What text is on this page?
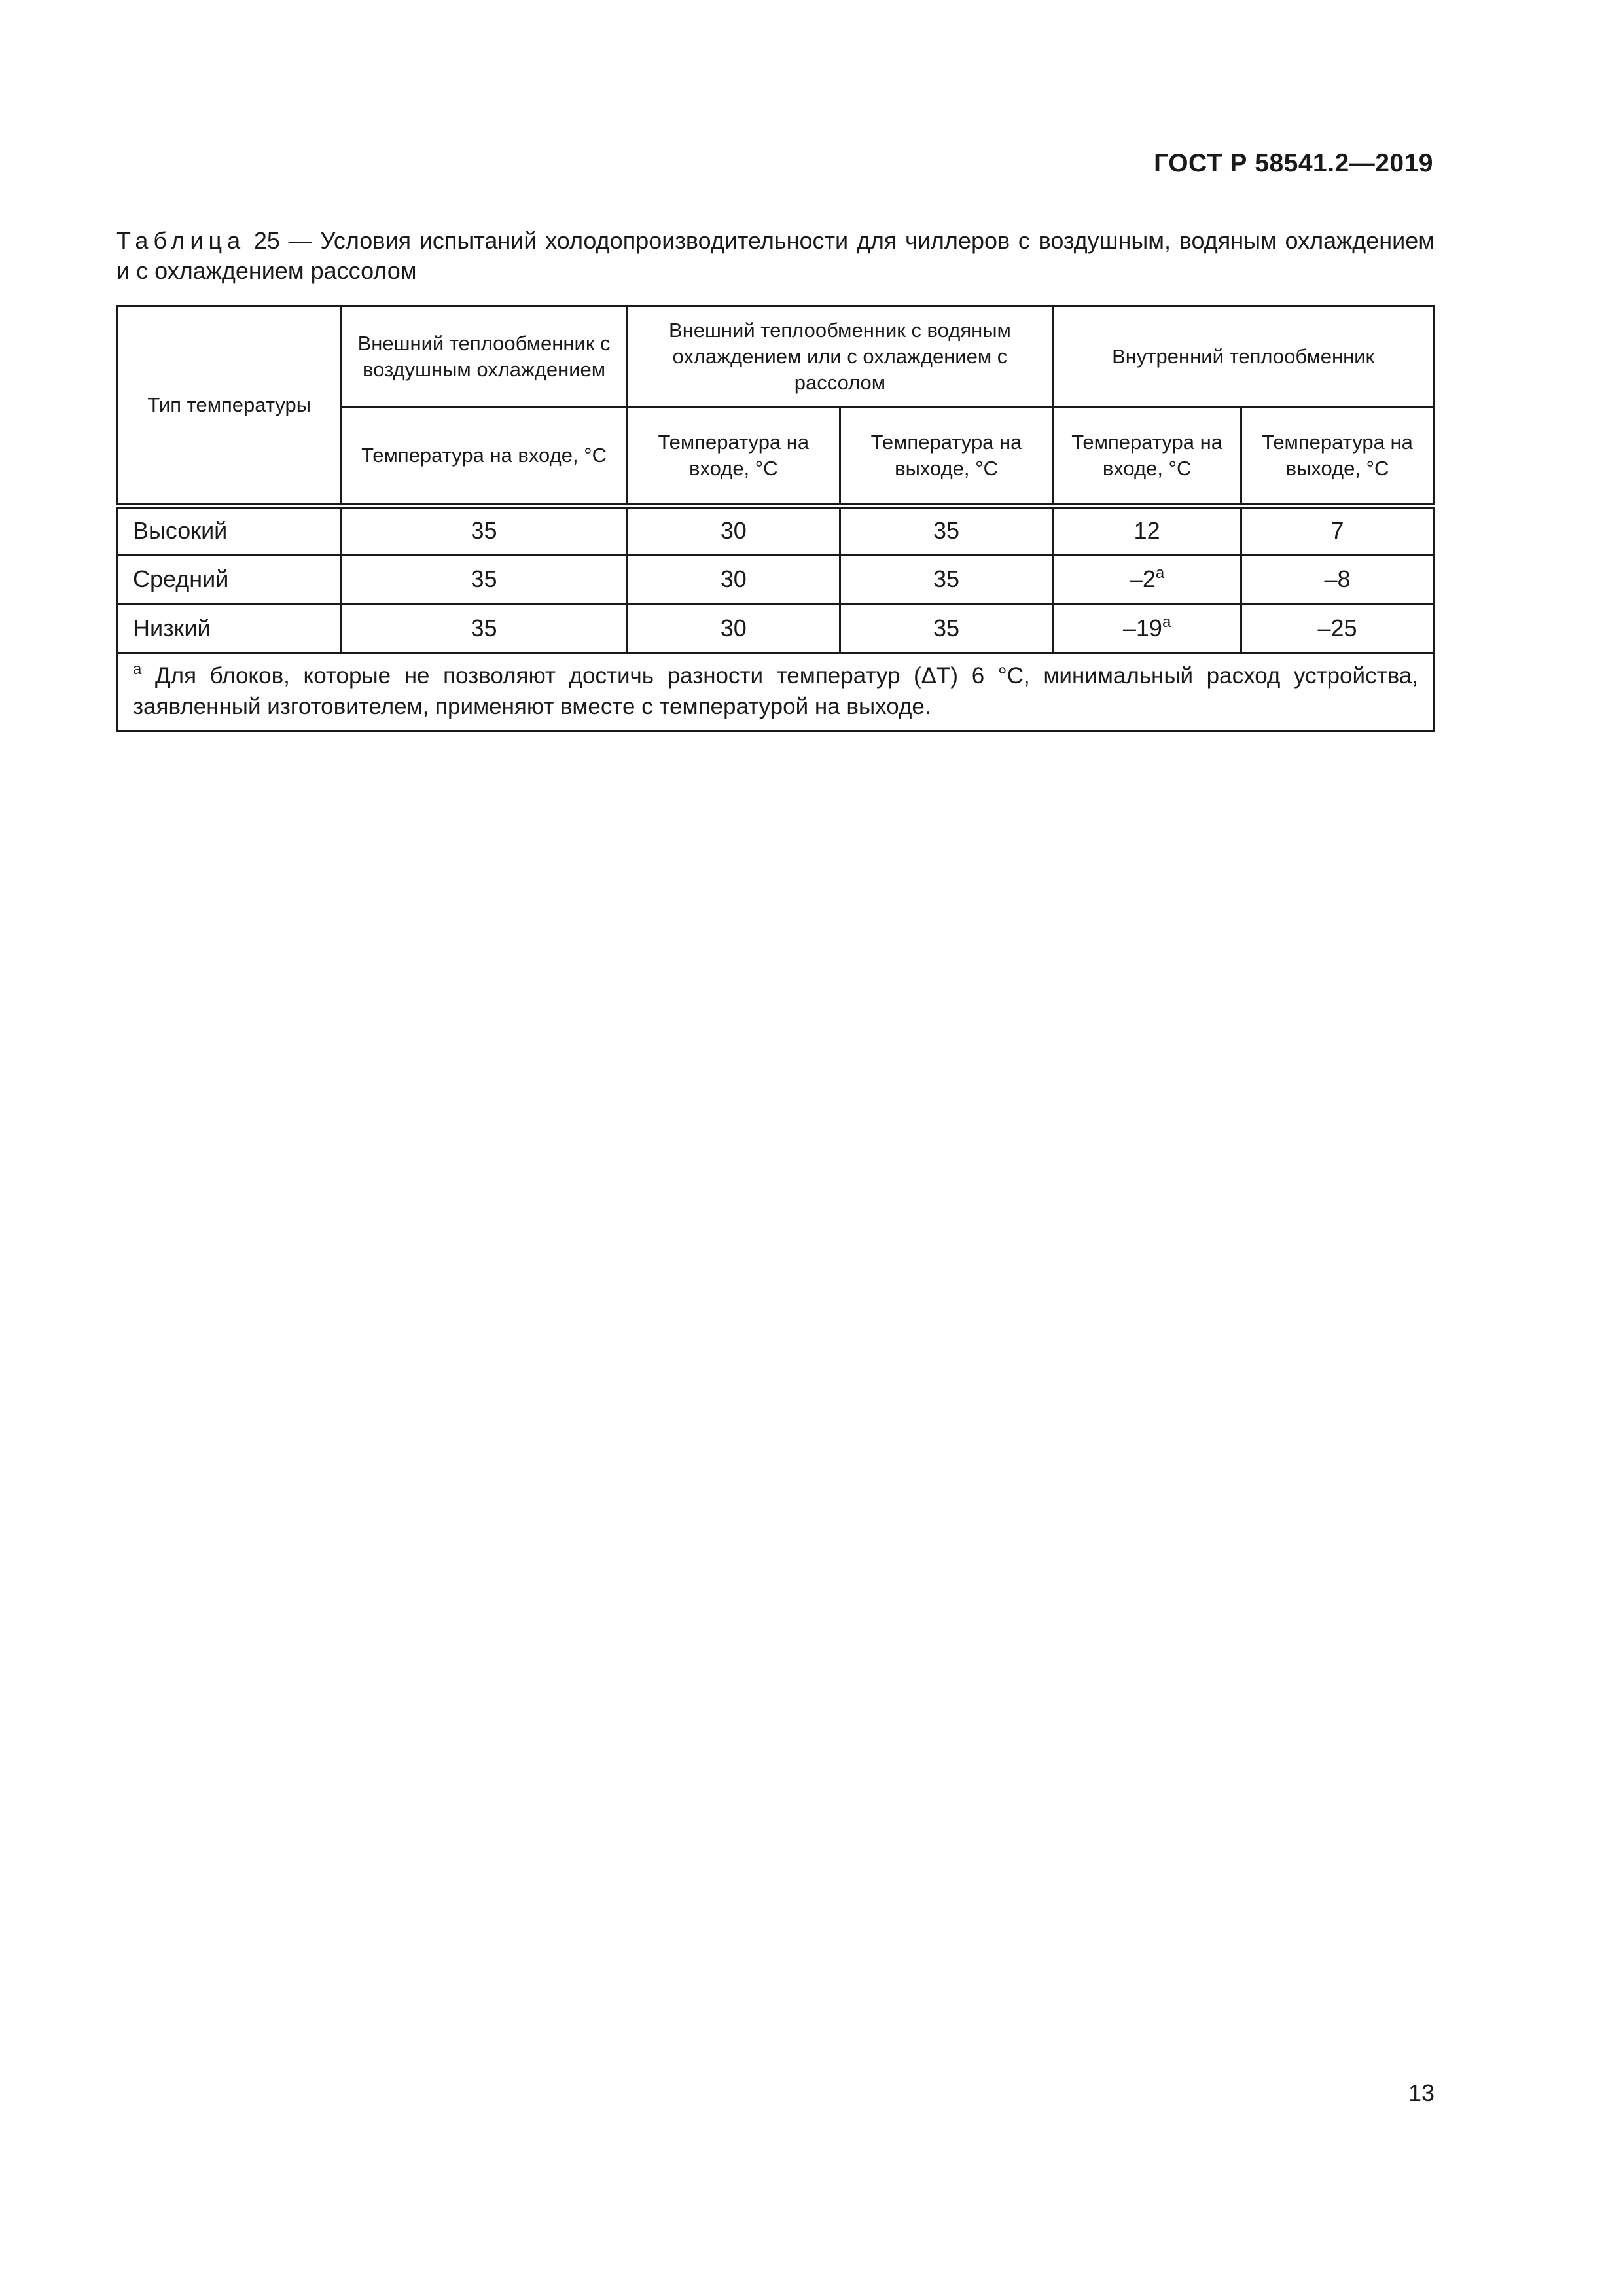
ГОСТ Р 58541.2—2019
Таблица 25 — Условия испытаний холодопроизводительности для чиллеров с воздушным, водяным охлаждением и с охлаждением рассолом
Тип температуры	Внешний теплообменник с воздушным охлаждением	Внешний теплообменник с водяным охлаждением или с охлаждением с рассолом		Внутренний теплообменник	
	Температура на входе, °С	Температура на входе, °С	Температура на выходе, °С	Температура на входе, °С	Температура на выходе, °С
Высокий	35	30	35	12	7
Средний	35	30	35	$-2^а$	–8
Низкий	35	30	35	$-19^а$	–25
$^а$ Для блоков, которые не позволяют достичь разности температур (ΔT) 6 °С, минимальный расход устройства, заявленный изготовителем, применяют вместе с температурой на выходе.					
13
